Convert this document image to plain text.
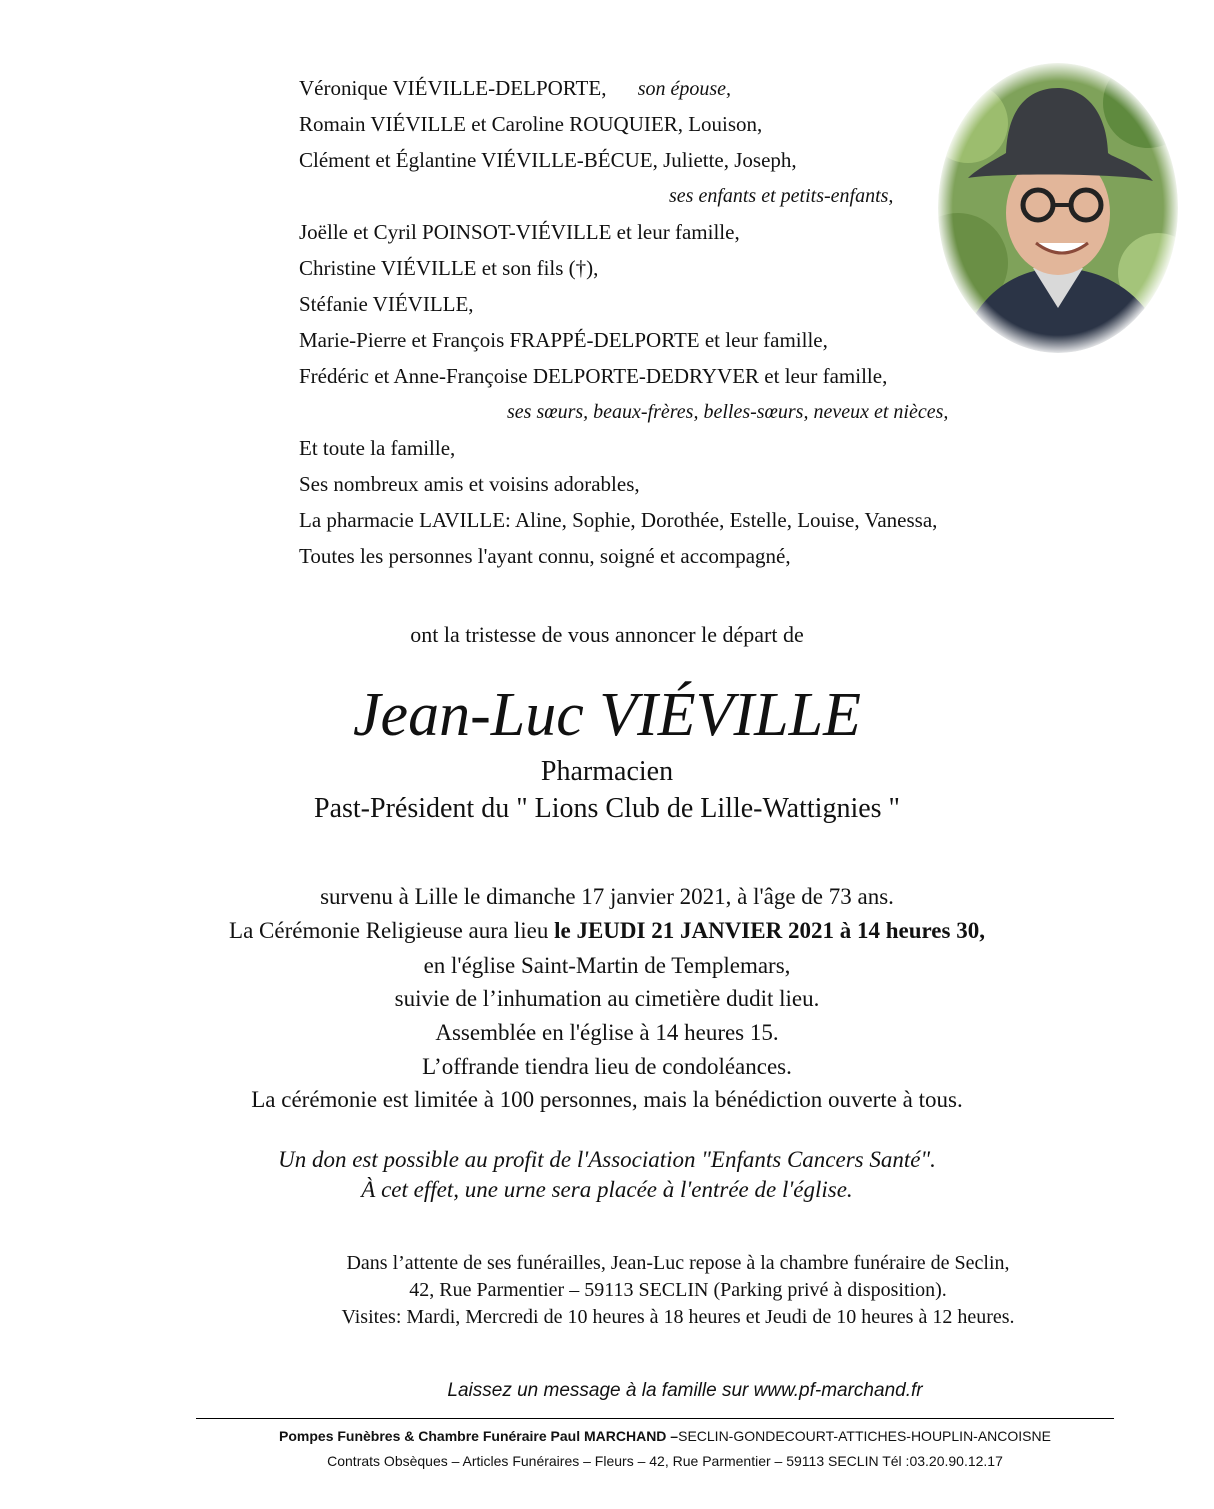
Véronique VIÉVILLE-DELPORTE, son épouse,
Romain VIÉVILLE et Caroline ROUQUIER, Louison,
Clément et Églantine VIÉVILLE-BÉCUE, Juliette, Joseph,
ses enfants et petits-enfants,
Joëlle et Cyril POINSOT-VIÉVILLE et leur famille,
Christine VIÉVILLE et son fils (†),
Stéfanie VIÉVILLE,
Marie-Pierre et François FRAPPÉ-DELPORTE et leur famille,
Frédéric et Anne-Françoise DELPORTE-DEDRYVER et leur famille,
ses sœurs, beaux-frères, belles-sœurs, neveux et nièces,
Et toute la famille,
Ses nombreux amis et voisins adorables,
La pharmacie LAVILLE: Aline, Sophie, Dorothée, Estelle, Louise, Vanessa,
Toutes les personnes l'ayant connu, soigné et accompagné,
ont la tristesse de vous annoncer le départ de
Jean-Luc VIÉVILLE
Pharmacien
Past-Président du " Lions Club de Lille-Wattignies "
survenu à Lille le dimanche 17 janvier 2021, à l'âge de 73 ans.
La Cérémonie Religieuse aura lieu le JEUDI 21 JANVIER 2021 à 14 heures 30,
en l'église Saint-Martin de Templemars,
suivie de l’inhumation au cimetière dudit lieu.
Assemblée en l'église à 14 heures 15.
L’offrande tiendra lieu de condoléances.
La cérémonie est limitée à 100 personnes, mais la bénédiction ouverte à tous.
Un don est possible au profit de l'Association "Enfants Cancers Santé".
À cet effet, une urne sera placée à l'entrée de l'église.
Dans l’attente de ses funérailles, Jean-Luc repose à la chambre funéraire de Seclin,
42, Rue Parmentier – 59113 SECLIN (Parking privé à disposition).
Visites: Mardi, Mercredi de 10 heures à 18 heures et Jeudi de 10 heures à 12 heures.
Laissez un message à la famille sur www.pf-marchand.fr
Pompes Funèbres & Chambre Funéraire Paul MARCHAND –SECLIN-GONDECOURT-ATTICHES-HOUPLIN-ANCOISNE
Contrats Obsèques – Articles Funéraires – Fleurs – 42, Rue Parmentier – 59113 SECLIN Tél :03.20.90.12.17
